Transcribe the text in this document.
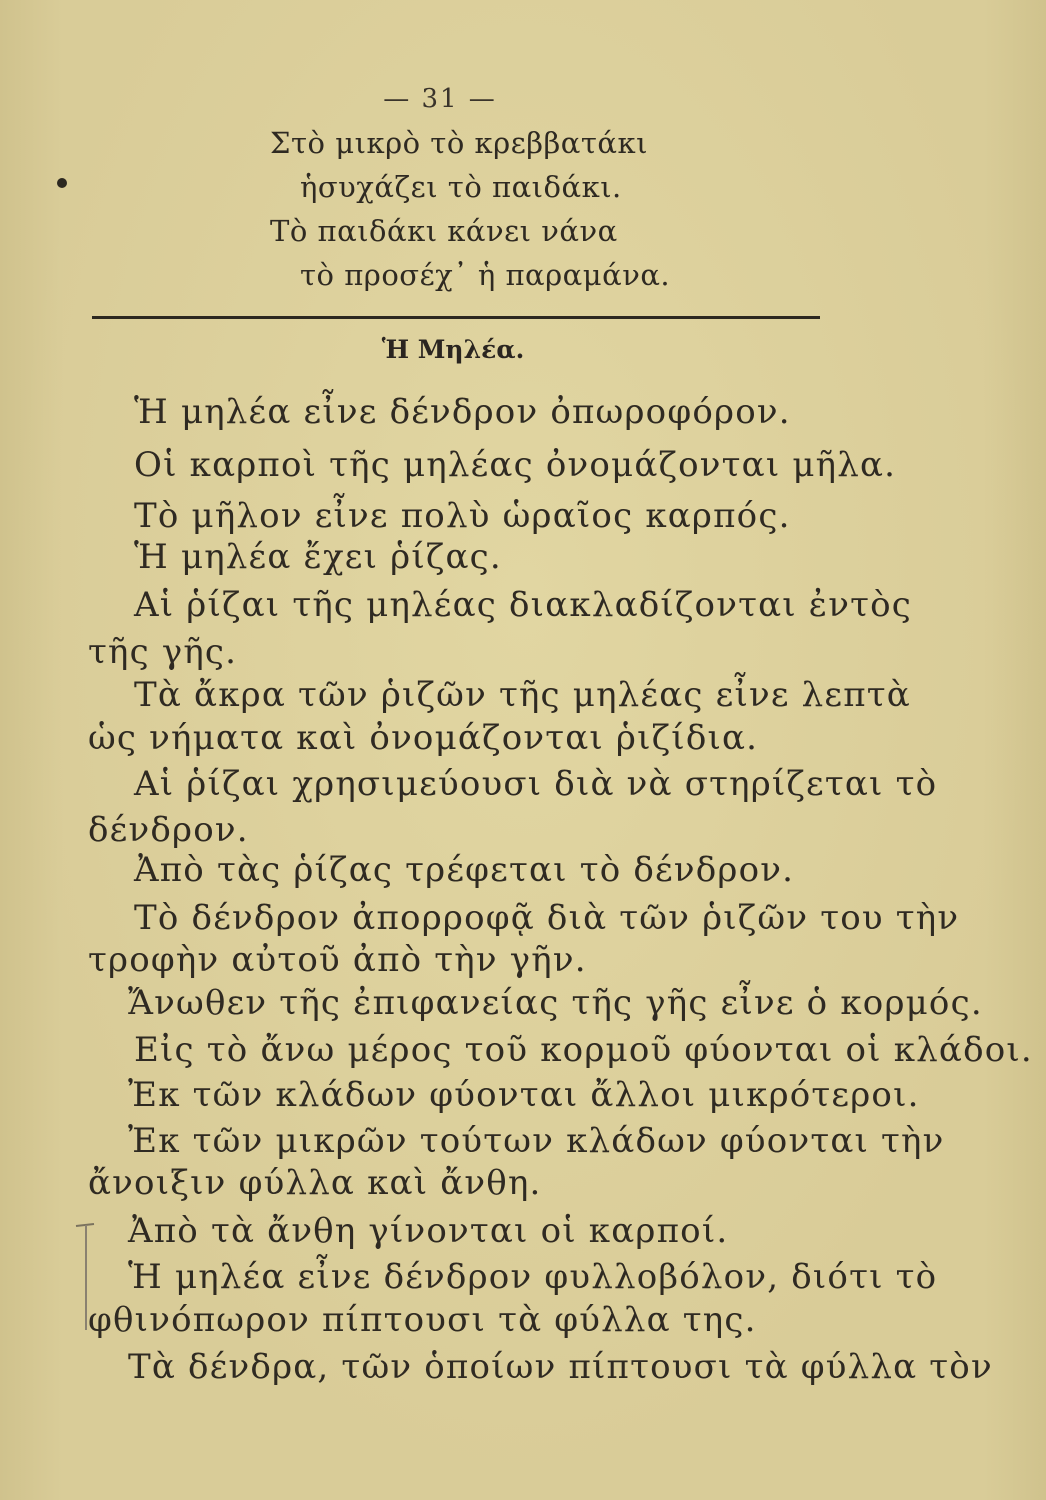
— 31 —
Στὸ μικρὸ τὸ κρεββατάκι
ἡσυχάζει τὸ παιδάκι.
Τὸ παιδάκι κάνει νάνα
τὸ προσέχ᾽ ἡ παραμάνα.
Ἡ Μηλέα.
Ἡ μηλέα εἶνε δένδρον ὀπωροφόρον.
Οἱ καρποὶ τῆς μηλέας ὀνομάζονται μῆλα.
Τὸ μῆλον εἶνε πολὺ ὡραῖος καρπός.
Ἡ μηλέα ἔχει ῥίζας.
Αἱ ῥίζαι τῆς μηλέας διακλαδίζονται ἐντὸς
τῆς γῆς.
Τὰ ἄκρα τῶν ῥιζῶν τῆς μηλέας εἶνε λεπτὰ
ὡς νήματα καὶ ὀνομάζονται ῥιζίδια.
Αἱ ῥίζαι χρησιμεύουσι διὰ νὰ στηρίζεται τὸ
δένδρον.
Ἀπὸ τὰς ῥίζας τρέφεται τὸ δένδρον.
Τὸ δένδρον ἀπορροφᾷ διὰ τῶν ῥιζῶν του τὴν
τροφὴν αὐτοῦ ἀπὸ τὴν γῆν.
Ἄνωθεν τῆς ἐπιφανείας τῆς γῆς εἶνε ὁ κορμός.
Εἰς τὸ ἄνω μέρος τοῦ κορμοῦ φύονται οἱ κλάδοι.
Ἐκ τῶν κλάδων φύονται ἄλλοι μικρότεροι.
Ἐκ τῶν μικρῶν τούτων κλάδων φύονται τὴν
ἄνοιξιν φύλλα καὶ ἄνθη.
Ἀπὸ τὰ ἄνθη γίνονται οἱ καρποί.
Ἡ μηλέα εἶνε δένδρον φυλλοβόλον, διότι τὸ
φθινόπωρον πίπτουσι τὰ φύλλα της.
Τὰ δένδρα, τῶν ὁποίων πίπτουσι τὰ φύλλα τὸν
